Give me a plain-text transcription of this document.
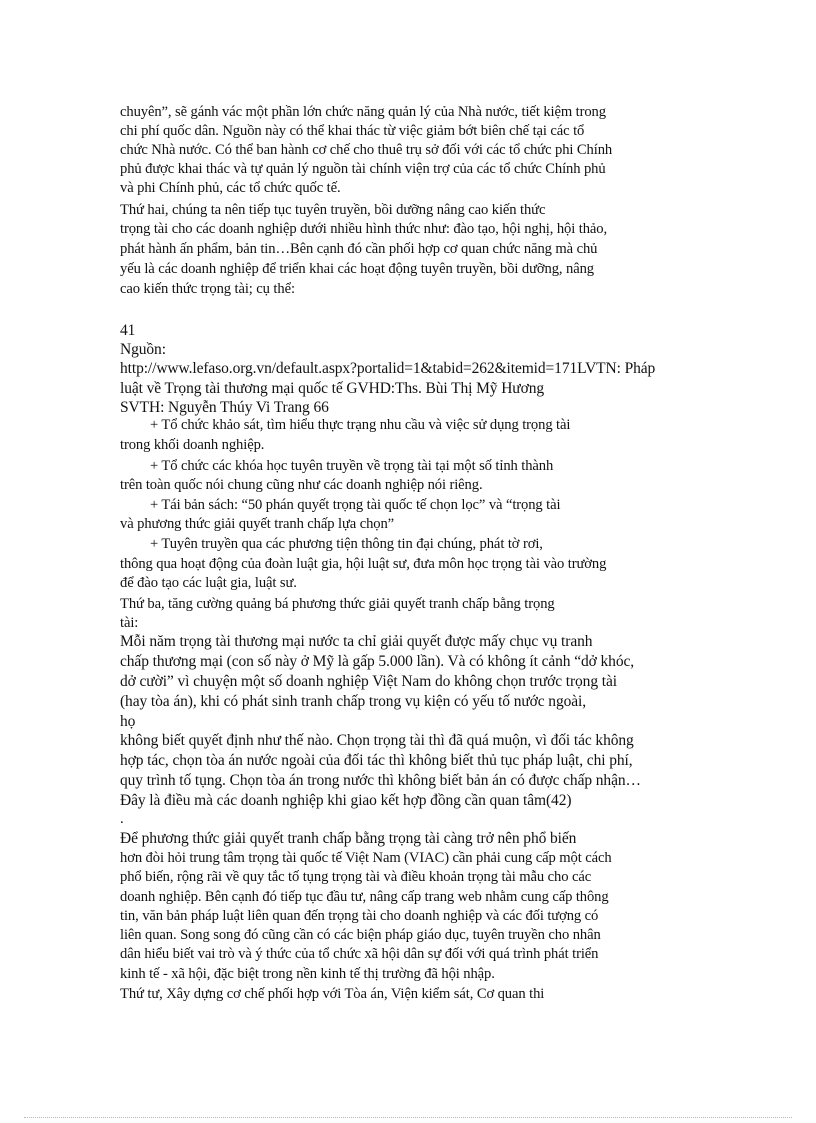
chuyên”, sẽ gánh vác một phần lớn chức năng quản lý của Nhà nước, tiết kiệm trong
chi phí quốc dân. Nguồn này có thể khai thác từ việc giảm bớt biên chế tại các tổ
chức Nhà nước. Có thể ban hành cơ chế cho thuê trụ sở đối với các tổ chức phi Chính
phủ được khai thác và tự quản lý nguồn tài chính viện trợ của các tổ chức Chính phủ
và phi Chính phủ, các tổ chức quốc tế.
Thứ hai, chúng ta nên tiếp tục tuyên truyền, bồi dưỡng nâng cao kiến thức
trọng tài cho các doanh nghiệp dưới nhiều hình thức như: đào tạo, hội nghị, hội thảo,
phát hành ấn phẩm, bản tin…Bên cạnh đó cần phối hợp cơ quan chức năng mà chủ
yếu là các doanh nghiệp để triển khai các hoạt động tuyên truyền, bồi dưỡng, nâng
cao kiến thức trọng tài; cụ thể:
41
Nguồn:
http://www.lefaso.org.vn/default.aspx?portalid=1&tabid=262&itemid=171LVTN: Pháp
luật về Trọng tài thương mại quốc tế GVHD:Ths. Bùi Thị Mỹ Hương
SVTH: Nguyễn Thúy Vi Trang 66
+ Tổ chức khảo sát, tìm hiểu thực trạng nhu cầu và việc sử dụng trọng tài
trong khối doanh nghiệp.
+ Tổ chức các khóa học tuyên truyền về trọng tài tại một số tỉnh thành
trên toàn quốc nói chung cũng như các doanh nghiệp nói riêng.
+ Tái bản sách: “50 phán quyết trọng tài quốc tế chọn lọc” và “trọng tài
và phương thức giải quyết tranh chấp lựa chọn”
+ Tuyên truyền qua các phương tiện thông tin đại chúng, phát tờ rơi,
thông qua hoạt động của đoàn luật gia, hội luật sư, đưa môn học trọng tài vào trường
để đào tạo các luật gia, luật sư.
Thứ ba, tăng cường quảng bá phương thức giải quyết tranh chấp bằng trọng
tài:
Mỗi năm trọng tài thương mại nước ta chỉ giải quyết được mấy chục vụ tranh
chấp thương mại (con số này ở Mỹ là gấp 5.000 lần). Và có không ít cảnh “dở khóc,
dở cười” vì chuyện một số doanh nghiệp Việt Nam do không chọn trước trọng tài
(hay tòa án), khi có phát sinh tranh chấp trong vụ kiện có yếu tố nước ngoài,
họ
không biết quyết định như thế nào. Chọn trọng tài thì đã quá muộn, vì đối tác không
hợp tác, chọn tòa án nước ngoài của đối tác thì không biết thủ tục pháp luật, chi phí,
quy trình tố tụng. Chọn tòa án trong nước thì không biết bản án có được chấp nhận…
Đây là điều mà các doanh nghiệp khi giao kết hợp đồng cần quan tâm(42)
.
Để phương thức giải quyết tranh chấp bằng trọng tài càng trở nên phổ biến
hơn đòi hỏi trung tâm trọng tài quốc tế Việt Nam (VIAC) cần phải cung cấp một cách
phổ biến, rộng rãi về quy tắc tố tụng trọng tài và điều khoản trọng tài mẫu cho các
doanh nghiệp. Bên cạnh đó tiếp tục đầu tư, nâng cấp trang web nhằm cung cấp thông
tin, văn bản pháp luật liên quan đến trọng tài cho doanh nghiệp và các đối tượng có
liên quan. Song song đó cũng cần có các biện pháp giáo dục, tuyên truyền cho nhân
dân hiểu biết vai trò và ý thức của tổ chức xã hội dân sự đối với quá trình phát triển
kinh tế - xã hội, đặc biệt trong nền kinh tế thị trường đã hội nhập.
Thứ tư, Xây dựng cơ chế phối hợp với Tòa án, Viện kiểm sát, Cơ quan thi
